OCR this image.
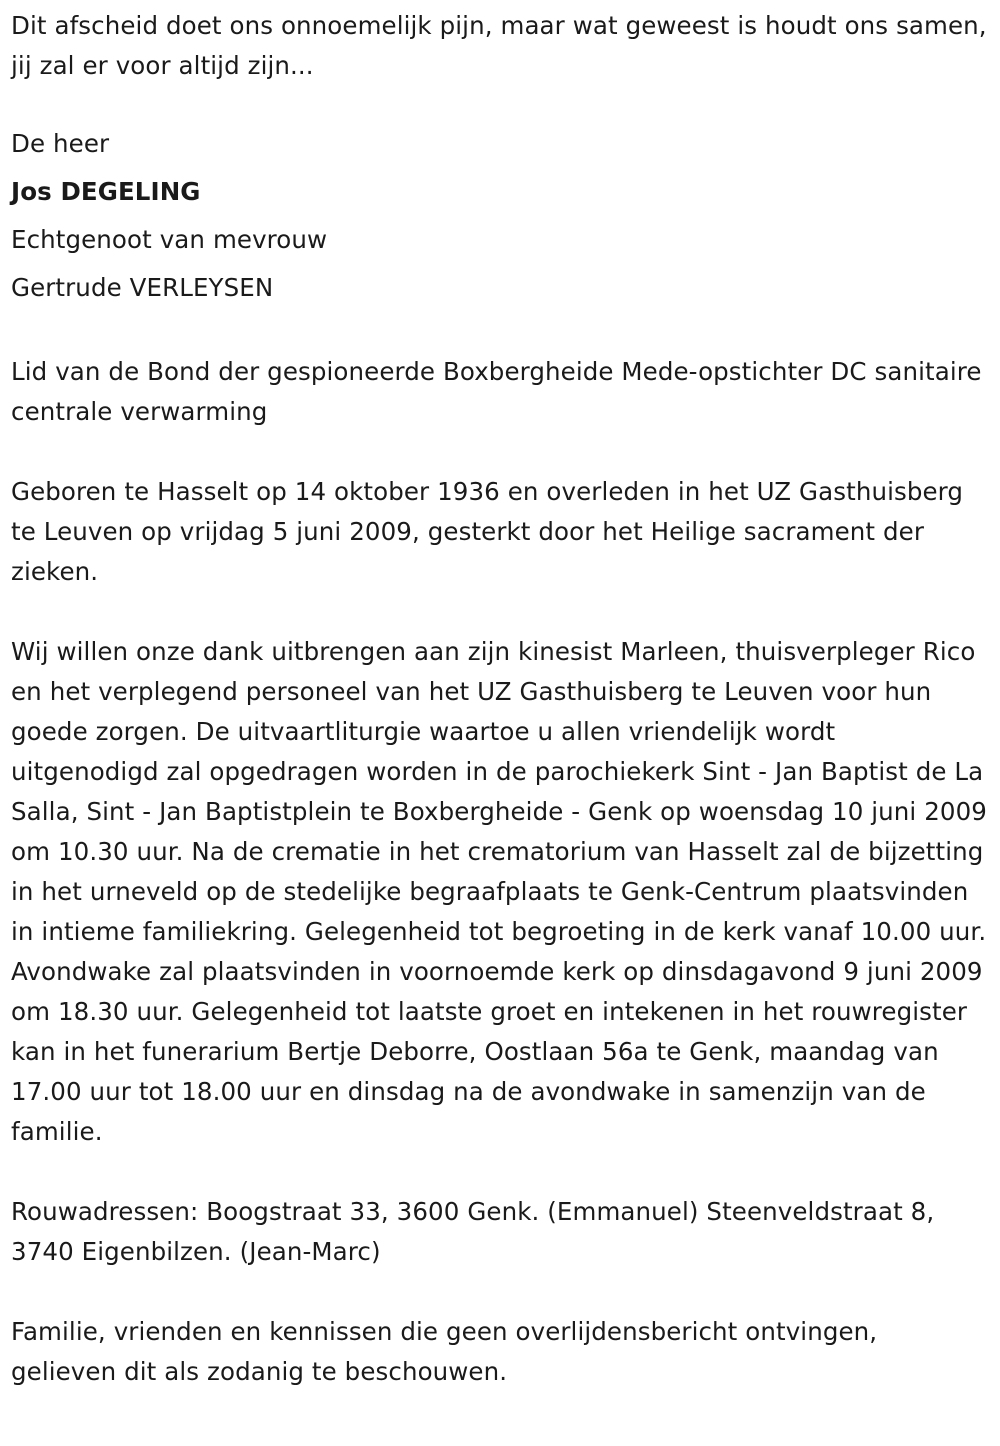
Dit afscheid doet ons onnoemelijk pijn, maar wat geweest is houdt ons samen, jij zal er voor altijd zijn...

De heer

Jos DEGELING

Echtgenoot van mevrouw

Gertrude VERLEYSEN

Lid van de Bond der gespioneerde Boxbergheide Mede-opstichter DC sanitaire centrale verwarming

Geboren te Hasselt op 14 oktober 1936 en overleden in het UZ Gasthuisberg te Leuven op vrijdag 5 juni 2009, gesterkt door het Heilige sacrament der zieken.

Wij willen onze dank uitbrengen aan zijn kinesist Marleen, thuisverpleger Rico en het verplegend personeel van het UZ Gasthuisberg te Leuven voor hun goede zorgen. De uitvaartliturgie waartoe u allen vriendelijk wordt uitgenodigd zal opgedragen worden in de parochiekerk Sint - Jan Baptist de La Salla, Sint - Jan Baptistplein te Boxbergheide - Genk op woensdag 10 juni 2009 om 10.30 uur. Na de crematie in het crematorium van Hasselt zal de bijzetting in het urneveld op de stedelijke begraafplaats te Genk-Centrum plaatsvinden in intieme familiekring. Gelegenheid tot begroeting in de kerk vanaf 10.00 uur. Avondwake zal plaatsvinden in voornoemde kerk op dinsdagavond 9 juni 2009 om 18.30 uur. Gelegenheid tot laatste groet en intekenen in het rouwregister kan in het funerarium Bertje Deborre, Oostlaan 56a te Genk, maandag van 17.00 uur tot 18.00 uur en dinsdag na de avondwake in samenzijn van de familie.

Rouwadressen: Boogstraat 33, 3600 Genk. (Emmanuel) Steenveldstraat 8, 3740 Eigenbilzen. (Jean-Marc)

Familie, vrienden en kennissen die geen overlijdensbericht ontvingen, gelieven dit als zodanig te beschouwen.
